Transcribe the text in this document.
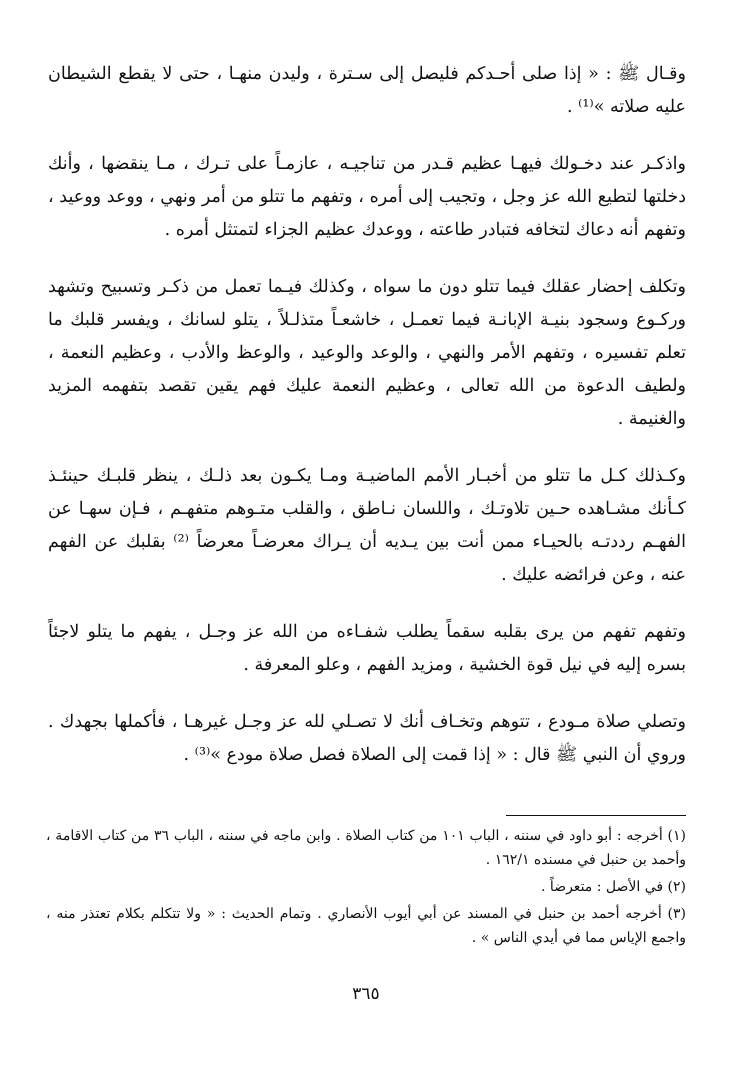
وقـال ﷺ : « إذا صلى أحـدكم فليصل إلى سـترة ، وليدن منهـا ، حتى لا يقطع الشيطان عليه صلاته »⁽¹⁾ .

واذكـر عند دخـولك فيهـا عظيم قـدر من تناجيـه ، عازمـاً على تـرك ، مـا ينقضها ، وأنك دخلتها لتطيع الله عز وجل ، وتجيب إلى أمره ، وتفهم ما تتلو من أمر ونهي ، ووعد ووعيد ، وتفهم أنه دعاك لتخافه فتبادر طاعته ، ووعدك عظيم الجزاء لتمتثل أمره .

وتكلف إحضار عقلك فيما تتلو دون ما سواه ، وكذلك فيـما تعمل من ذكـر وتسبيح وتشهد وركـوع وسجود بنيـة الإبانـة فيما تعمـل ، خاشعـاً متذلـلاً ، يتلو لسانك ، ويفسر قلبك ما تعلم تفسيره ، وتفهم الأمر والنهي ، والوعد والوعيد ، والوعظ والأدب ، وعظيم النعمة ، ولطيف الدعوة من الله تعالى ، وعظيم النعمة عليك فهم يقين تقصد بتفهمه المزيد والغنيمة .

وكـذلك كـل ما تتلو من أخبـار الأمم الماضيـة ومـا يكـون بعد ذلـك ، ينظر قلبـك حينئـذ كـأنك مشـاهده حـين تلاوتـك ، واللسان نـاطق ، والقلب متـوهم متفهـم ، فـإن سهـا عن الفهـم رددتـه بالحيـاء ممن أنت بين يـديه أن يـراك معرضـاً معرضاً ⁽²⁾ بقلبك عن الفهم عنه ، وعن فرائضه عليك .

وتفهم تفهم من يرى بقلبه سقماً يطلب شفـاءه من الله عز وجـل ، يفهم ما يتلو لاجئاً بسره إليه في نيل قوة الخشية ، ومزيد الفهم ، وعلو المعرفة .

وتصلي صلاة مـودع ، تتوهم وتخـاف أنك لا تصـلي لله عز وجـل غيرهـا ، فأكملها بجهدك . وروي أن النبي ﷺ قال : « إذا قمت إلى الصلاة فصل صلاة مودع »⁽³⁾ .

(١) أخرجه : أبو داود في سننه ، الباب ١٠١ من كتاب الصلاة . وابن ماجه في سننه ، الباب ٣٦ من كتاب الاقامة ، وأحمد بن حنبل في مسنده ١٦٢/١ .

(٢) في الأصل : متعرضاً .

(٣) أخرجه أحمد بن حنبل في المسند عن أبي أيوب الأنصاري . وتمام الحديث : « ولا تتكلم بكلام تعتذر منه ، واجمع الإياس مما في أيدي الناس » .

٣٦٥
